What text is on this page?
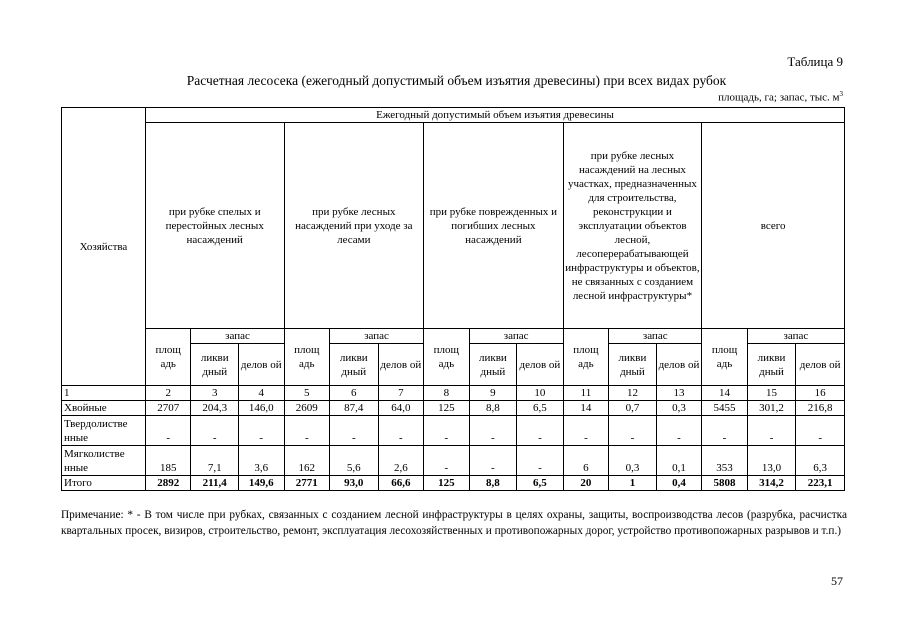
Таблица 9
Расчетная лесосека (ежегодный допустимый объем изъятия древесины) при всех видах рубок
площадь, га; запас, тыс. $м^3$
Хозяйства	Ежегодный допустимый объем изъятия древесины														
	при рубке спелых и перестойных лесных насаждений			при рубке лесных насаждений при уходе за лесами			при рубке поврежденных и погибших лесных насаждений			при рубке лесных насаждений на лесных участках, предназначенных для строительства, реконструкции и эксплуатации объектов лесной, лесоперерабатывающей инфраструктуры и объектов, не связанных с созданием лесной инфраструктуры*			всего		
	площ адь	запас		площ адь	запас		площ адь	запас		площ адь	запас		площ адь	запас	
		ликви дный	делов ой		ликви дный	делов ой		ликви дный	делов ой		ликви дный	делов ой		ликви дный	делов ой
1	2	3	4	5	6	7	8	9	10	11	12	13	14	15	16
Хвойные	2707	204,3	146,0	2609	87,4	64,0	125	8,8	6,5	14	0,7	0,3	5455	301,2	216,8
Твердолистве нные	-	-	-	-	-	-	-	-	-	-	-	-	-	-	-
Мягколистве нные	185	7,1	3,6	162	5,6	2,6	-	-	-	6	0,3	0,1	353	13,0	6,3
Итого	2892	211,4	149,6	2771	93,0	66,6	125	8,8	6,5	20	1	0,4	5808	314,2	223,1
Примечание: * - В том числе при рубках, связанных с созданием лесной инфраструктуры в целях охраны, защиты, воспроизводства лесов (разрубка, расчистка квартальных просек, визиров, строительство, ремонт, эксплуатация лесохозяйственных и противопожарных дорог, устройство противопожарных разрывов и т.п.)
57
